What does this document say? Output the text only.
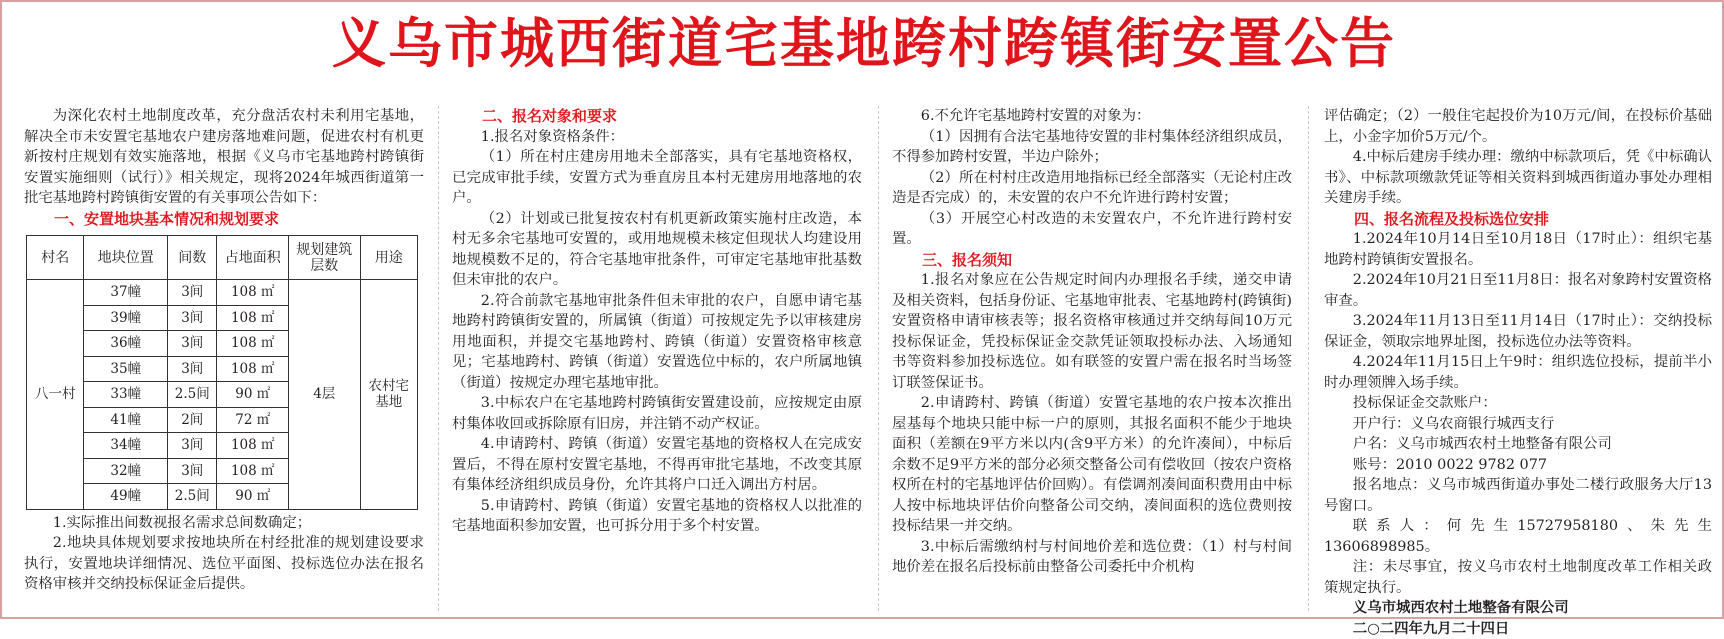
义乌市城西街道宅基地跨村跨镇街安置公告

为深化农村土地制度改革，充分盘活农村未利用宅基地，解决全市未安置宅基地农户建房落地难问题，促进农村有机更新按村庄规划有效实施落地，根据《义乌市宅基地跨村跨镇街安置实施细则（试行）》相关规定，现将2024年城西街道第一批宅基地跨村跨镇街安置的有关事项公告如下：

一、安置地块基本情况和规划要求

村名	地块位置	间数	占地面积	规划建筑层数	用途
八一村	37幢	3间	108 ㎡	4层	农村宅基地
	39幢	3间	108 ㎡		
	36幢	3间	108 ㎡		
	35幢	3间	108 ㎡		
	33幢	2.5间	90 ㎡		
	41幢	2间	72 ㎡		
	34幢	3间	108 ㎡		
	32幢	3间	108 ㎡		
	49幢	2.5间	90 ㎡		

1.实际推出间数视报名需求总间数确定；

2.地块具体规划要求按地块所在村经批准的规划建设要求执行，安置地块详细情况、选位平面图、投标选位办法在报名资格审核并交纳投标保证金后提供。

二、报名对象和要求

1.报名对象资格条件：

（1）所在村庄建房用地未全部落实，具有宅基地资格权，已完成审批手续，安置方式为垂直房且本村无建房用地落地的农户。

（2）计划或已批复按农村有机更新政策实施村庄改造，本村无多余宅基地可安置的，或用地规模未核定但现状人均建设用地规模数不足的，符合宅基地审批条件，可审定宅基地审批基数但未审批的农户。

2.符合前款宅基地审批条件但未审批的农户，自愿申请宅基地跨村跨镇街安置的，所属镇（街道）可按规定先予以审核建房用地面积，并提交宅基地跨村、跨镇（街道）安置资格审核意见；宅基地跨村、跨镇（街道）安置选位中标的，农户所属地镇（街道）按规定办理宅基地审批。

3.中标农户在宅基地跨村跨镇街安置建设前，应按规定由原村集体收回或拆除原有旧房，并注销不动产权证。

4.申请跨村、跨镇（街道）安置宅基地的资格权人在完成安置后，不得在原村安置宅基地，不得再审批宅基地，不改变其原有集体经济组织成员身份，允许其将户口迁入调出方村居。

5.申请跨村、跨镇（街道）安置宅基地的资格权人以批准的宅基地面积参加安置，也可拆分用于多个村安置。

6.不允许宅基地跨村安置的对象为：

（1）因拥有合法宅基地待安置的非村集体经济组织成员，不得参加跨村安置，半边户除外；

（2）所在村村庄改造用地指标已经全部落实（无论村庄改造是否完成）的，未安置的农户不允许进行跨村安置；

（3）开展空心村改造的未安置农户，不允许进行跨村安置。

三、报名须知

1.报名对象应在公告规定时间内办理报名手续，递交申请及相关资料，包括身份证、宅基地审批表、宅基地跨村(跨镇街)安置资格申请审核表等；报名资格审核通过并交纳每间10万元投标保证金，凭投标保证金交款凭证领取投标办法、入场通知书等资料参加投标选位。如有联签的安置户需在报名时当场签订联签保证书。

2.申请跨村、跨镇（街道）安置宅基地的农户按本次推出屋基每个地块只能中标一户的原则，其报名面积不能少于地块面积（差额在9平方米以内(含9平方米）的允许凑间），中标后余数不足9平方米的部分必须交整备公司有偿收回（按农户资格权所在村的宅基地评估价回购）。有偿调剂凑间面积费用由中标人按中标地块评估价向整备公司交纳，凑间面积的选位费则按投标结果一并交纳。

3.中标后需缴纳村与村间地价差和选位费：（1）村与村间地价差在报名后投标前由整备公司委托中介机构

评估确定；（2）一般住宅起投价为10万元/间，在投标价基础上，小金字加价5万元/个。

4.中标后建房手续办理：缴纳中标款项后，凭《中标确认书》、中标款项缴款凭证等相关资料到城西街道办事处办理相关建房手续。

四、报名流程及投标选位安排

1.2024年10月14日至10月18日（17时止）：组织宅基地跨村跨镇街安置报名。

2.2024年10月21日至11月8日：报名对象跨村安置资格审查。

3.2024年11月13日至11月14日（17时止）：交纳投标保证金，领取宗地界址图，投标选位办法等资料。

4.2024年11月15日上午9时：组织选位投标，提前半小时办理领牌入场手续。

投标保证金交款账户：

开户行：义乌农商银行城西支行

户名：义乌市城西农村土地整备有限公司

账号：2010 0022 9782 077

报名地点：义乌市城西街道办事处二楼行政服务大厅13号窗口。

联系人：何先生15727958180、朱先生13606898985。

注：未尽事宜，按义乌市农村土地制度改革工作相关政策规定执行。

义乌市城西农村土地整备有限公司

二○二四年九月二十四日
